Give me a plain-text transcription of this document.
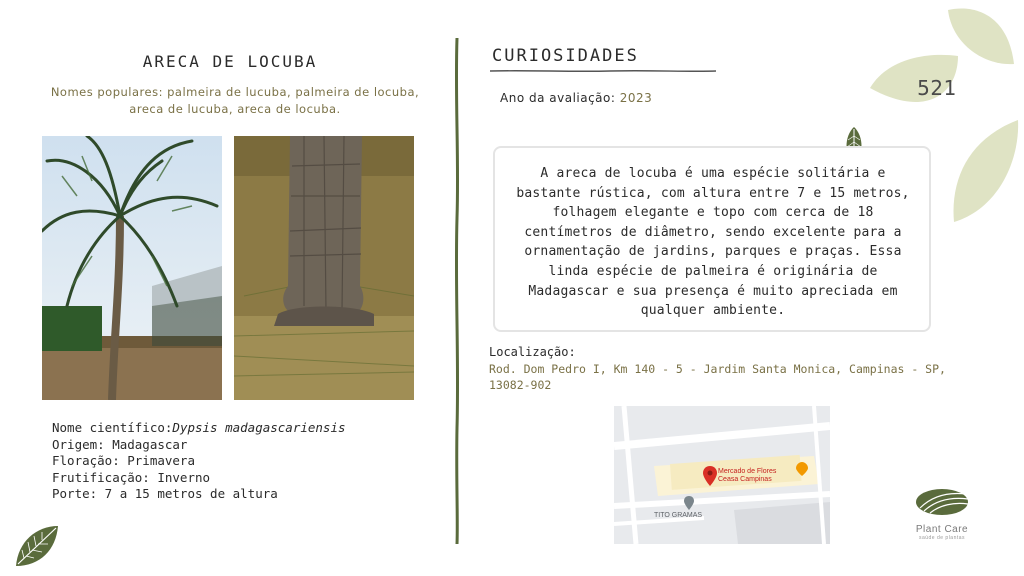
521
ARECA DE LOCUBA
Nomes populares: palmeira de lucuba, palmeira de locuba, areca de lucuba, areca de locuba.
Nome científico: Dypsis madagascariensis
Origem: Madagascar
Floração: Primavera
Frutificação: Inverno
Porte: 7 a 15 metros de altura
CURIOSIDADES
Ano da avaliação: 2023
A areca de locuba é uma espécie solitária e bastante rústica, com altura entre 7 e 15 metros, folhagem elegante e topo com cerca de 18 centímetros de diâmetro, sendo excelente para a ornamentação de jardins, parques e praças. Essa linda espécie de palmeira é originária de Madagascar e sua presença é muito apreciada em qualquer ambiente.
Localização:
Rod. Dom Pedro I, Km 140 - 5 - Jardim Santa Monica, Campinas - SP, 13082-902
Mercado de Flores
Ceasa Campinas
TITO GRAMAS
Plant Care
saúde de plantas
